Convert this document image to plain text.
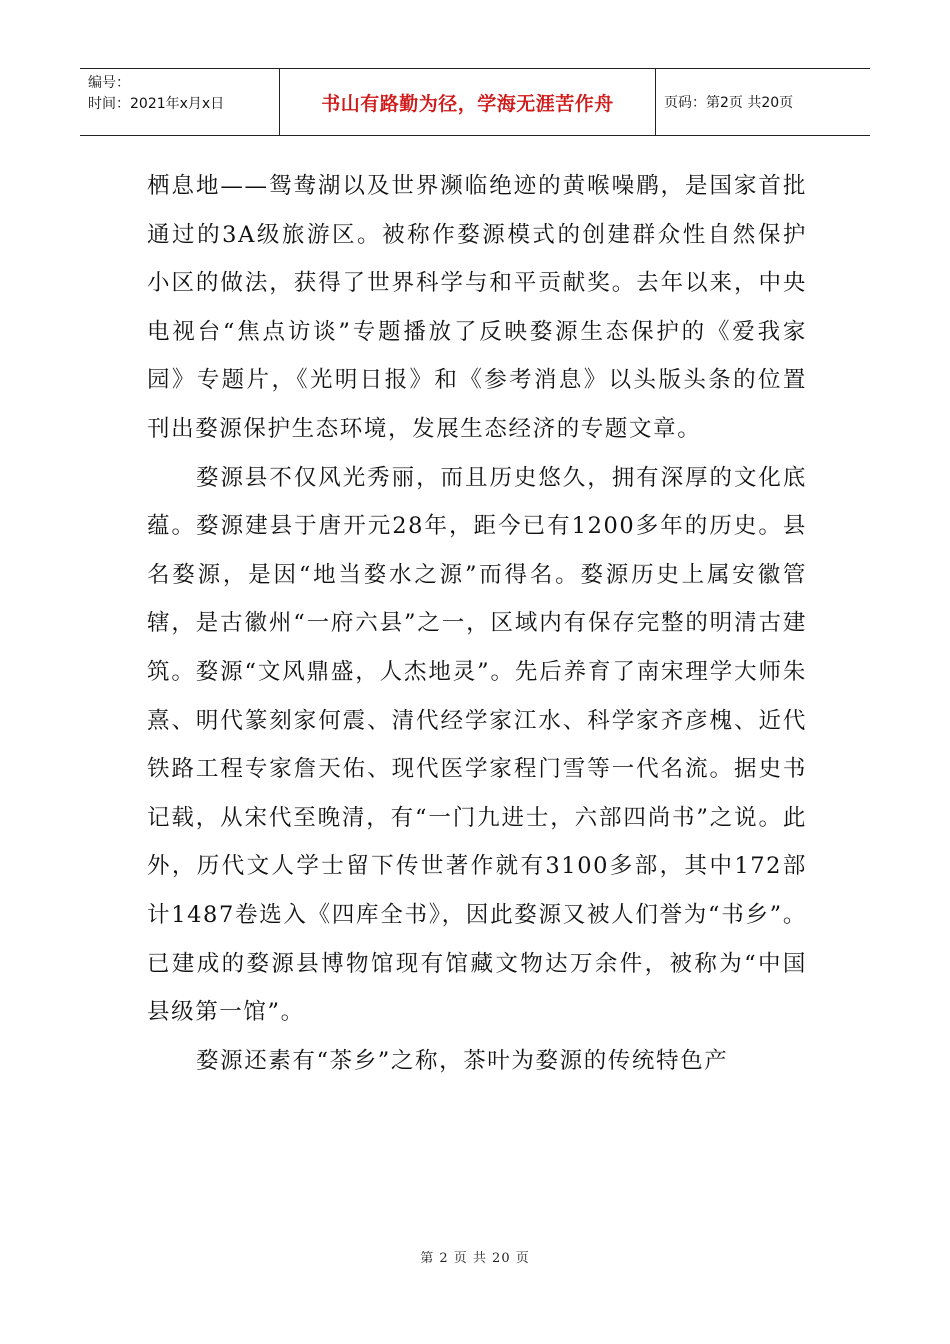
编号：
时间：2021年x月x日	书山有路勤为径，学海无涯苦作舟	页码：第2页 共20页

栖息地——鸳鸯湖以及世界濒临绝迹的黄喉噪鹛，是国家首批通过的3A级旅游区。被称作婺源模式的创建群众性自然保护小区的做法，获得了世界科学与和平贡献奖。去年以来，中央电视台“焦点访谈”专题播放了反映婺源生态保护的《爱我家园》专题片，《光明日报》和《参考消息》以头版头条的位置刊出婺源保护生态环境，发展生态经济的专题文章。

婺源县不仅风光秀丽，而且历史悠久，拥有深厚的文化底蕴。婺源建县于唐开元28年，距今已有1200多年的历史。县名婺源，是因“地当婺水之源”而得名。婺源历史上属安徽管辖，是古徽州“一府六县”之一，区域内有保存完整的明清古建筑。婺源“文风鼎盛，人杰地灵”。先后养育了南宋理学大师朱熹、明代篆刻家何震、清代经学家江水、科学家齐彦槐、近代铁路工程专家詹天佑、现代医学家程门雪等一代名流。据史书记载，从宋代至晚清，有“一门九进士，六部四尚书”之说。此外，历代文人学士留下传世著作就有3100多部，其中172部计1487卷选入《四库全书》，因此婺源又被人们誉为“书乡”。已建成的婺源县博物馆现有馆藏文物达万余件，被称为“中国县级第一馆”。

婺源还素有“茶乡”之称，茶叶为婺源的传统特色产

第 2 页 共 20 页
